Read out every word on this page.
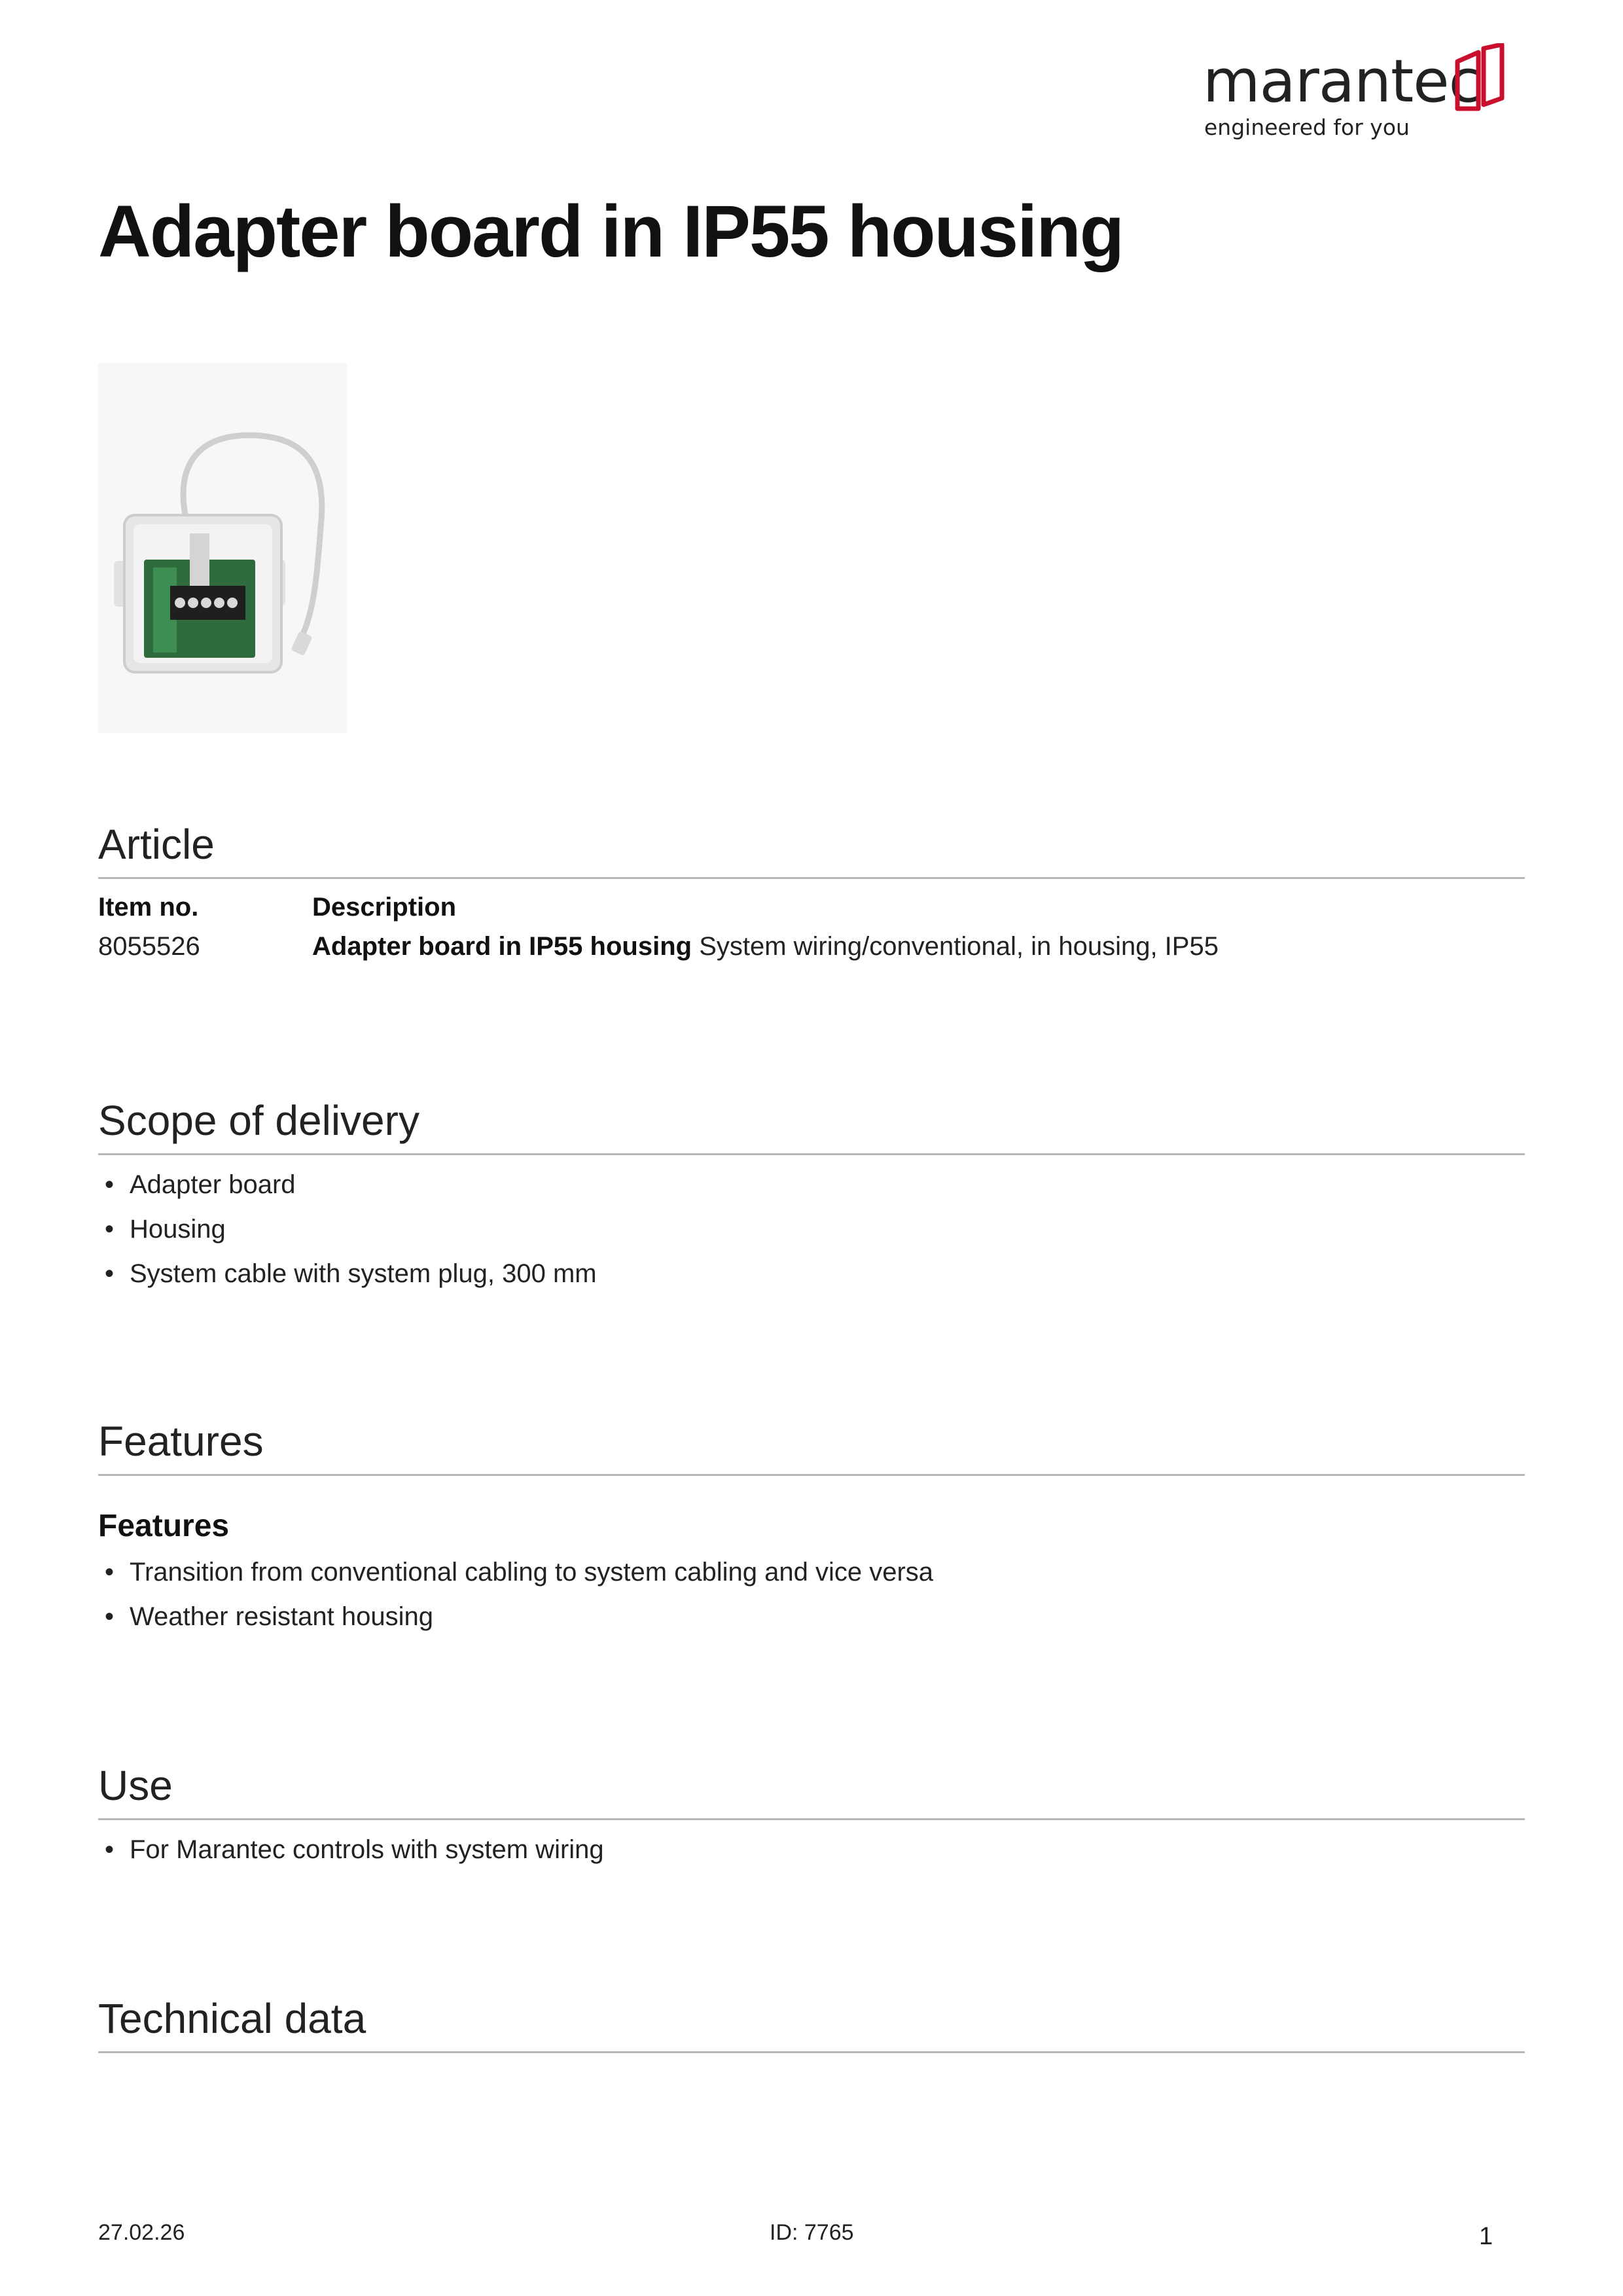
marantec
engineered for you
Adapter board in IP55 housing
Article
Item no.	Description
8055526	Adapter board in IP55 housing System wiring/conventional, in housing, IP55
Scope of delivery
• Adapter board
• Housing
• System cable with system plug, 300 mm
Features
Features
• Transition from conventional cabling to system cabling and vice versa
• Weather resistant housing
Use
• For Marantec controls with system wiring
Technical data
27.02.26	ID: 7765	1
